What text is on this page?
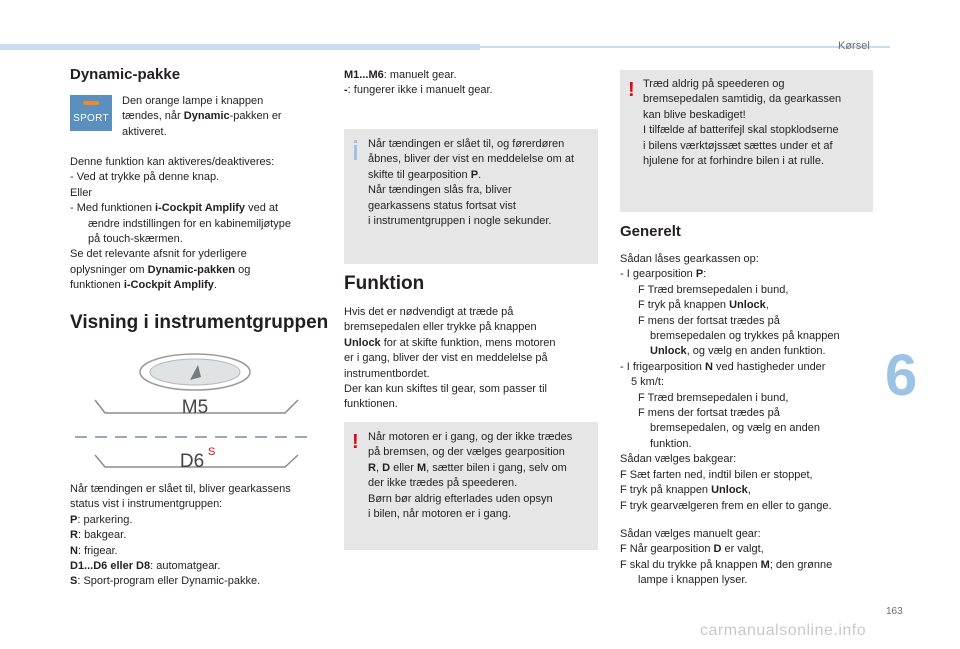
Kørsel
6
163
carmanualsonline.info
Dynamic-pakke
SPORT

Den orange lampe i knappen

tændes, når Dynamic-pakken er

aktiveret.

Denne funktion kan aktiveres/deaktiveres:

- Ved at trykke på denne knap.

Eller

- Med funktionen i-Cockpit Amplify ved at

ændre indstillingen for en kabinemiljøtype

på touch-skærmen.

Se det relevante afsnit for yderligere

oplysninger om Dynamic-pakken og

funktionen i-Cockpit Amplify.

Visning i instrumentgruppen
M5
D6 S

Når tændingen er slået til, bliver gearkassens

status vist i instrumentgruppen:

P: parkering.

R: bakgear.

N: frigear.

D1...D6 eller D8: automatgear.

S: Sport-program eller Dynamic-pakke.

M1...M6: manuelt gear.

-: fungerer ikke i manuelt gear.

Når tændingen er slået til, og førerdøren

åbnes, bliver der vist en meddelelse om at

skifte til gearposition P.

Når tændingen slås fra, bliver

gearkassens status fortsat vist

i instrumentgruppen i nogle sekunder.

Funktion

Hvis det er nødvendigt at træde på

bremsepedalen eller trykke på knappen

Unlock for at skifte funktion, mens motoren

er i gang, bliver der vist en meddelelse på

instrumentbordet.

Der kan kun skiftes til gear, som passer til

funktionen.

! Når motoren er i gang, og der ikke trædes

på bremsen, og der vælges gearposition

R, D eller M, sætter bilen i gang, selv om

der ikke trædes på speederen.

Børn bør aldrig efterlades uden opsyn

i bilen, når motoren er i gang.

! Træd aldrig på speederen og

bremsepedalen samtidig, da gearkassen

kan blive beskadiget!

I tilfælde af batterifejl skal stopklodserne

i bilens værktøjssæt sættes under et af

hjulene for at forhindre bilen i at rulle.

Generelt

Sådan låses gearkassen op:

- I gearposition P:

F Træd bremsepedalen i bund,

F tryk på knappen Unlock,

F mens der fortsat trædes på

bremsepedalen og trykkes på knappen

Unlock, og vælg en anden funktion.

- I frigearposition N ved hastigheder under

5 km/t:

F Træd bremsepedalen i bund,

F mens der fortsat trædes på

bremsepedalen, og vælg en anden

funktion.

Sådan vælges bakgear:

F Sæt farten ned, indtil bilen er stoppet,

F tryk på knappen Unlock,

F tryk gearvælgeren frem en eller to gange.

Sådan vælges manuelt gear:

F Når gearposition D er valgt,

F skal du trykke på knappen M; den grønne

lampe i knappen lyser.
